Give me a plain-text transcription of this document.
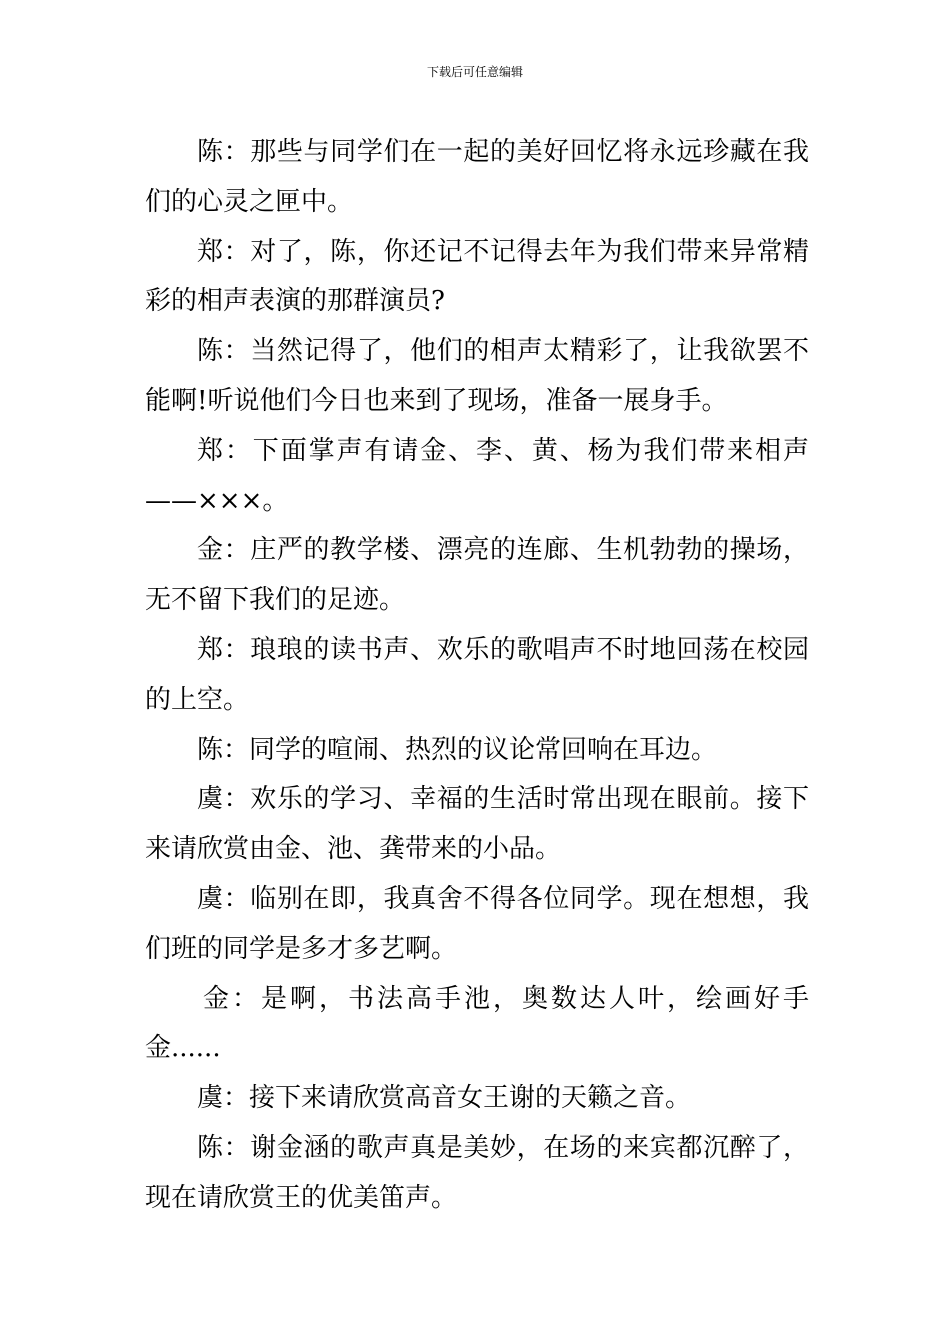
下载后可任意编辑

陈：那些与同学们在一起的美好回忆将永远珍藏在我们的心灵之匣中。

郑：对了，陈，你还记不记得去年为我们带来异常精彩的相声表演的那群演员?

陈：当然记得了，他们的相声太精彩了，让我欲罢不能啊!听说他们今日也来到了现场，准备一展身手。

郑：下面掌声有请金、李、黄、杨为我们带来相声——×××。

金：庄严的教学楼、漂亮的连廊、生机勃勃的操场，无不留下我们的足迹。

郑：琅琅的读书声、欢乐的歌唱声不时地回荡在校园的上空。

陈：同学的喧闹、热烈的议论常回响在耳边。

虞：欢乐的学习、幸福的生活时常出现在眼前。接下来请欣赏由金、池、龚带来的小品。

虞：临别在即，我真舍不得各位同学。现在想想，我们班的同学是多才多艺啊。

金：是啊，书法高手池，奥数达人叶，绘画好手金......

虞：接下来请欣赏高音女王谢的天籁之音。

陈：谢金涵的歌声真是美妙，在场的来宾都沉醉了，现在请欣赏王的优美笛声。
